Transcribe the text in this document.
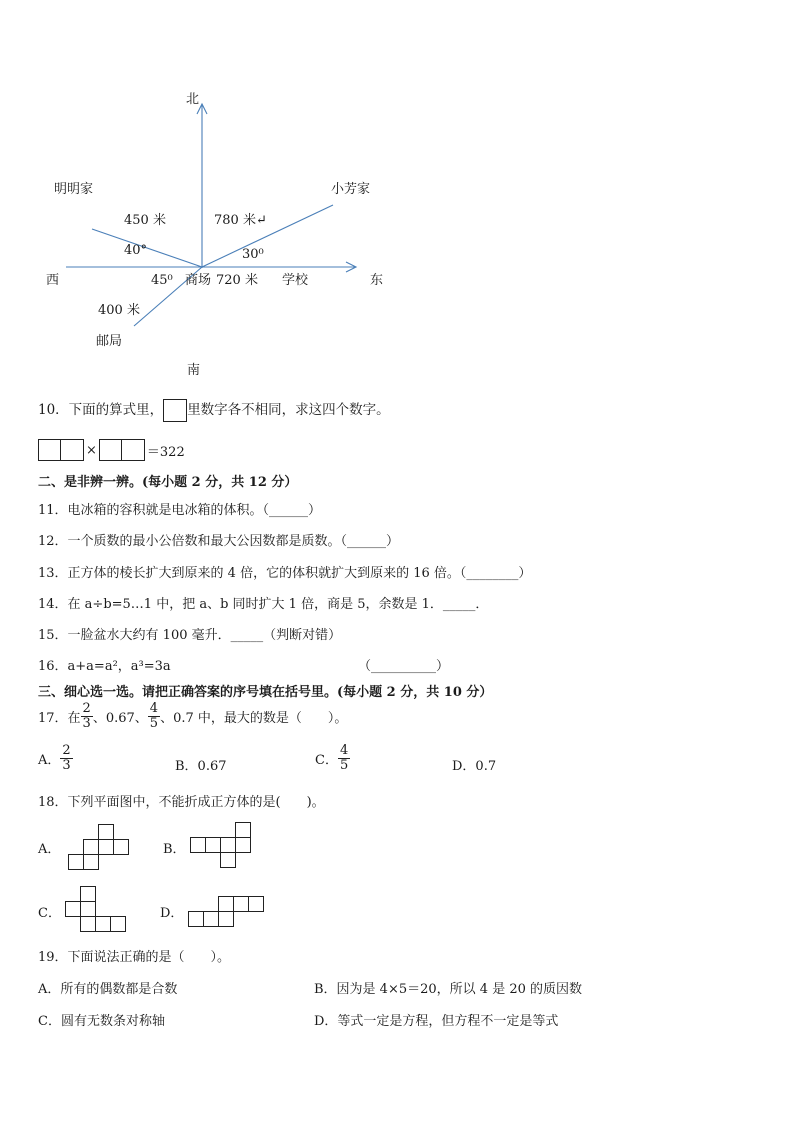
北
明明家	小芳家
450 米	780 米↵
40°	30⁰
西	45⁰ 商场 720 米 学校	东
400 米
邮局
南
10．下面的算式里， 里数字各不相同，求这四个数字。
×	＝322
二、是非辨一辨。(每小题 2 分，共 12 分）
11．电冰箱的容积就是电冰箱的体积。（______）
12．一个质数的最小公倍数和最大公因数都是质数。（______）
13．正方体的棱长扩大到原来的 4 倍，它的体积就扩大到原来的 16 倍。（________）
14．在 a÷b=5…1 中，把 a、b 同时扩大 1 倍，商是 5，余数是 1．_____．
15．一脸盆水大约有 100 毫升．_____（判断对错）
16．a+a=a²，a³=3a	（__________）
三、细心选一选。请把正确答案的序号填在括号里。(每小题 2 分，共 10 分）
17．在 $\frac{2}{3}$ 、0.67、 $\frac{4}{5}$ 、0.7 中，最大的数是（　　）。
A． $\frac{2}{3}$	B．0.67	C． $\frac{4}{5}$	D．0.7
18．下列平面图中，不能折成正方体的是(　　)。
A．	B．
C．	D．
19．下面说法正确的是（　　）。
A．所有的偶数都是合数	B．因为是 4×5＝20，所以 4 是 20 的质因数
C．圆有无数条对称轴	D．等式一定是方程，但方程不一定是等式
